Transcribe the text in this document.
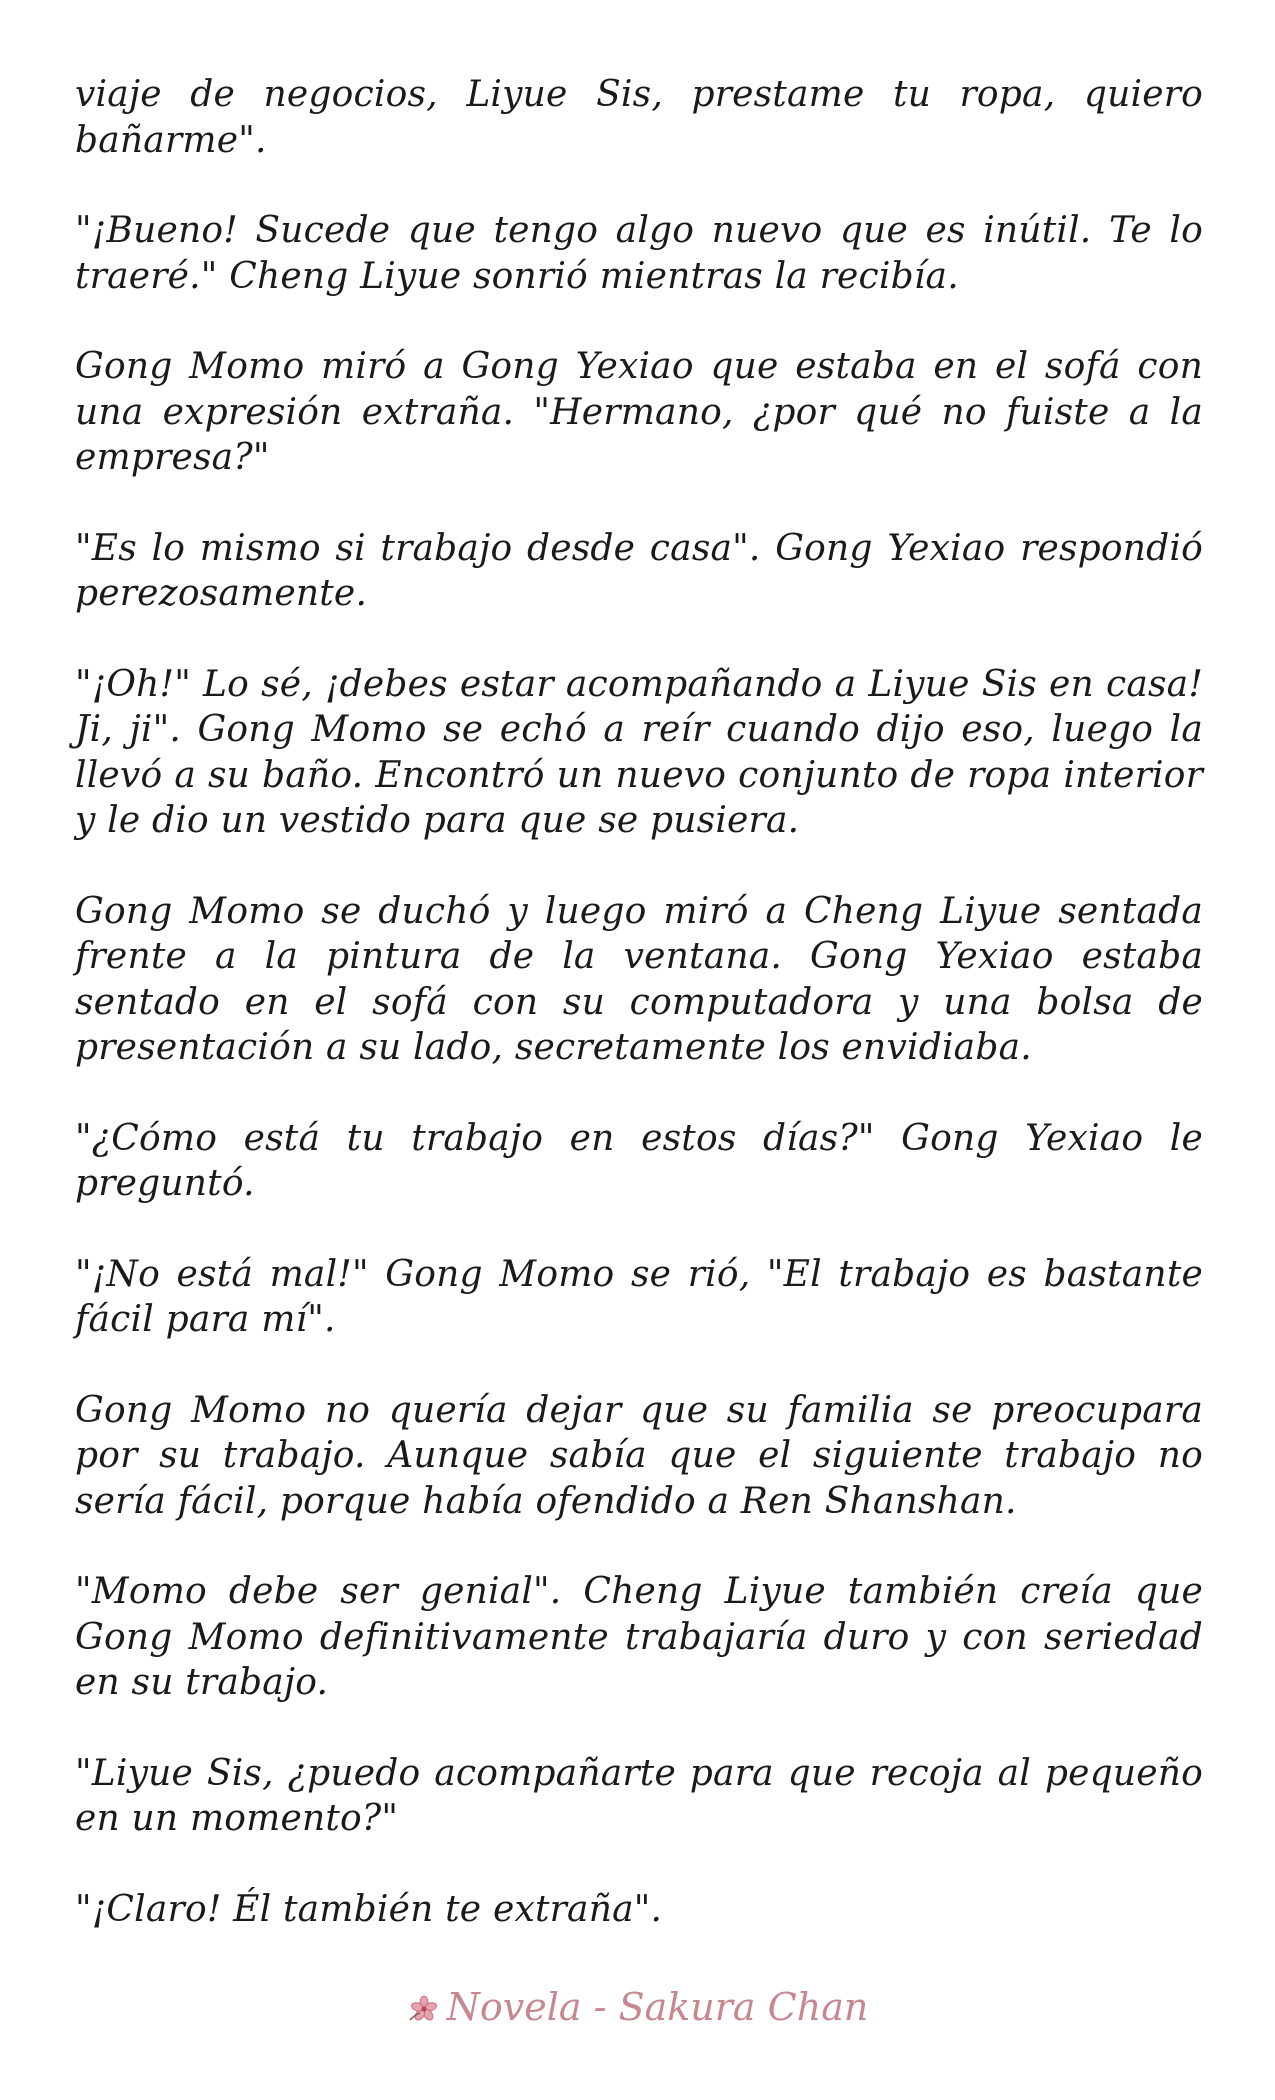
viaje de negocios, Liyue Sis, prestame tu ropa, quiero bañarme".

"¡Bueno! Sucede que tengo algo nuevo que es inútil. Te lo traeré." Cheng Liyue sonrió mientras la recibía.

Gong Momo miró a Gong Yexiao que estaba en el sofá con una expresión extraña. "Hermano, ¿por qué no fuiste a la empresa?"

"Es lo mismo si trabajo desde casa". Gong Yexiao respondió perezosamente.

"¡Oh!" Lo sé, ¡debes estar acompañando a Liyue Sis en casa! Ji, ji". Gong Momo se echó a reír cuando dijo eso, luego la llevó a su baño. Encontró un nuevo conjunto de ropa interior y le dio un vestido para que se pusiera.

Gong Momo se duchó y luego miró a Cheng Liyue sentada frente a la pintura de la ventana. Gong Yexiao estaba sentado en el sofá con su computadora y una bolsa de presentación a su lado, secretamente los envidiaba.

"¿Cómo está tu trabajo en estos días?" Gong Yexiao le preguntó.

"¡No está mal!" Gong Momo se rió, "El trabajo es bastante fácil para mí".

Gong Momo no quería dejar que su familia se preocupara por su trabajo. Aunque sabía que el siguiente trabajo no sería fácil, porque había ofendido a Ren Shanshan.

"Momo debe ser genial". Cheng Liyue también creía que Gong Momo definitivamente trabajaría duro y con seriedad en su trabajo.

"Liyue Sis, ¿puedo acompañarte para que recoja al pequeño en un momento?"

"¡Claro! Él también te extraña".

Novela - Sakura Chan
